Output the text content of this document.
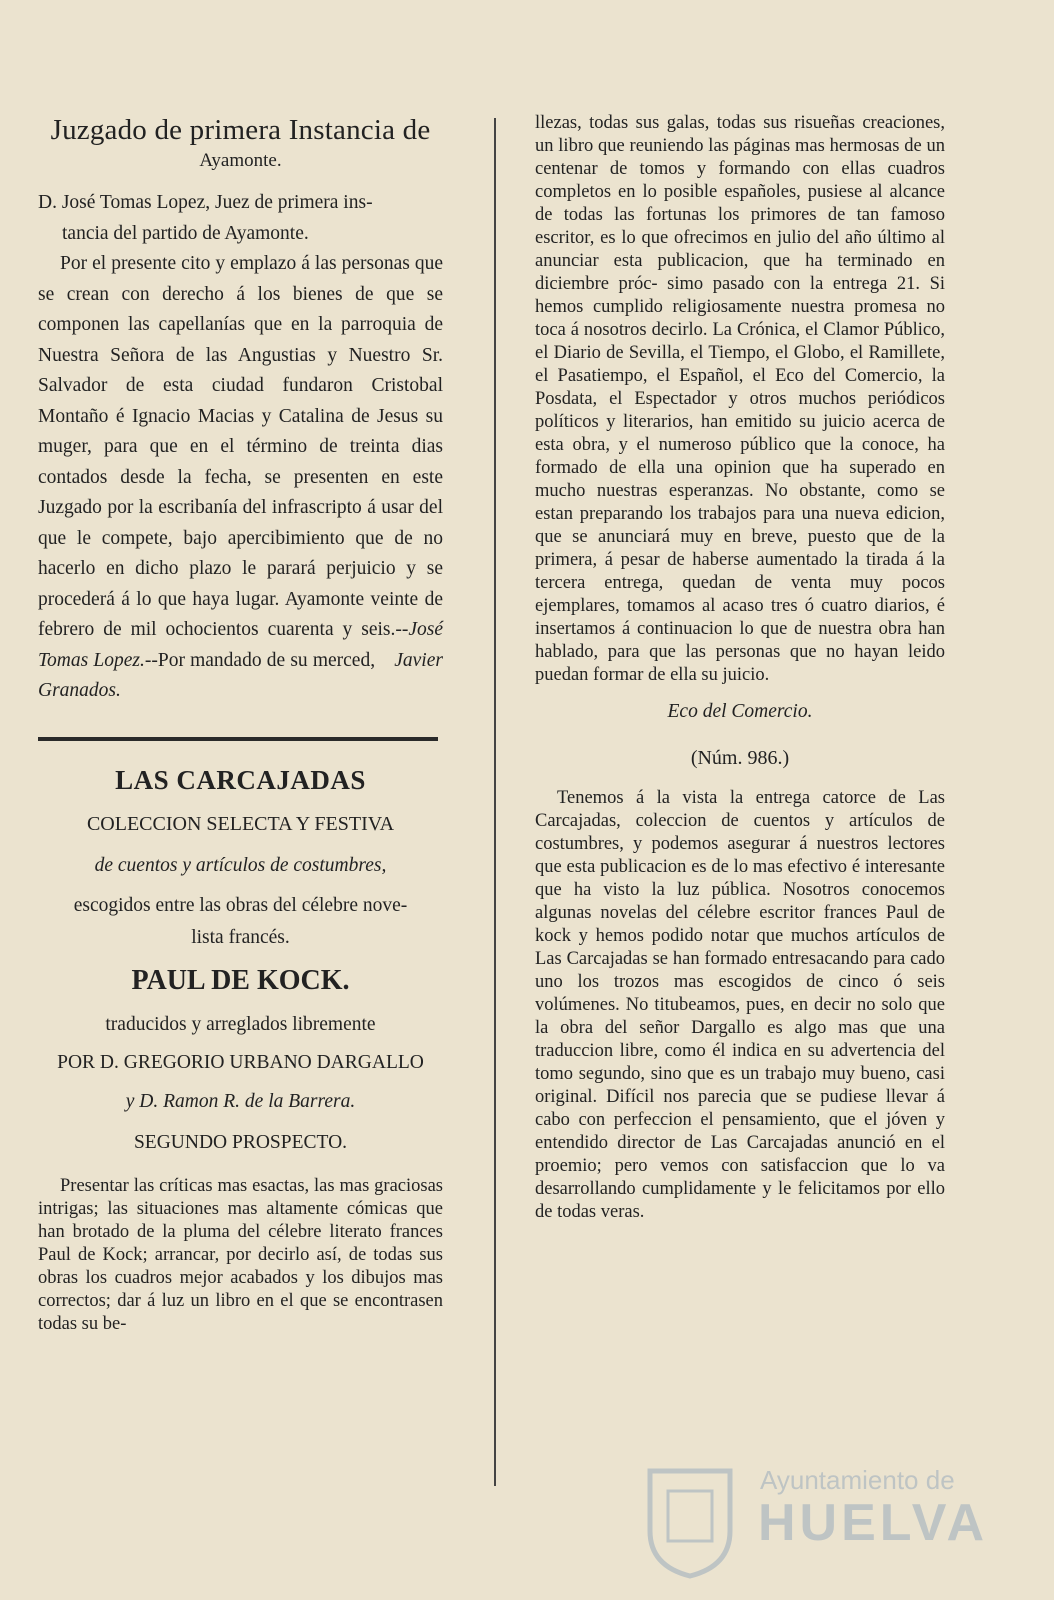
Juzgado de primera Instancia de

Ayamonte.

D. José Tomas Lopez, Juez de primera ins-

tancia del partido de Ayamonte.

Por el presente cito y emplazo á las personas que se crean con derecho á los bienes de que se componen las capellanías que en la parroquia de Nuestra Señora de las Angustias y Nuestro Sr. Salvador de esta ciudad fundaron Cristobal Montaño é Ignacio Macias y Catalina de Jesus su muger, para que en el término de treinta dias contados desde la fecha, se presenten en este Juzgado por la escribanía del infrascripto á usar del que le compete, bajo apercibimiento que de no hacerlo en dicho plazo le parará perjuicio y se procederá á lo que haya lugar. Ayamonte veinte de febrero de mil ochocientos cuarenta y seis.--José Tomas Lopez.--Por mandado de su merced, Javier Granados.

LAS CARCAJADAS

COLECCION SELECTA Y FESTIVA

de cuentos y artículos de costumbres,

escogidos entre las obras del célebre nove-

lista francés.

PAUL DE KOCK.

traducidos y arreglados libremente

POR D. GREGORIO URBANO DARGALLO

y D. Ramon R. de la Barrera.

SEGUNDO PROSPECTO.

Presentar las críticas mas esactas, las mas graciosas intrigas; las situaciones mas altamente cómicas que han brotado de la pluma del célebre literato frances Paul de Kock; arrancar, por decirlo así, de todas sus obras los cuadros mejor acabados y los dibujos mas correctos; dar á luz un libro en el que se encontrasen todas su be-

llezas, todas sus galas, todas sus risueñas creaciones, un libro que reuniendo las páginas mas hermosas de un centenar de tomos y formando con ellas cuadros completos en lo posible españoles, pusiese al alcance de todas las fortunas los primores de tan famoso escritor, es lo que ofrecimos en julio del año último al anunciar esta publicacion, que ha terminado en diciembre próc- simo pasado con la entrega 21. Si hemos cumplido religiosamente nuestra promesa no toca á nosotros decirlo. La Crónica, el Clamor Público, el Diario de Sevilla, el Tiempo, el Globo, el Ramillete, el Pasatiempo, el Español, el Eco del Comercio, la Posdata, el Espectador y otros muchos periódicos políticos y literarios, han emitido su juicio acerca de esta obra, y el numeroso público que la conoce, ha formado de ella una opinion que ha superado en mucho nuestras esperanzas. No obstante, como se estan preparando los trabajos para una nueva edicion, que se anunciará muy en breve, puesto que de la primera, á pesar de haberse aumentado la tirada á la tercera entrega, quedan de venta muy pocos ejemplares, tomamos al acaso tres ó cuatro diarios, é insertamos á continuacion lo que de nuestra obra han hablado, para que las personas que no hayan leido puedan formar de ella su juicio.

Eco del Comercio.

(Núm. 986.)

Tenemos á la vista la entrega catorce de Las Carcajadas, coleccion de cuentos y artículos de costumbres, y podemos asegurar á nuestros lectores que esta publicacion es de lo mas efectivo é interesante que ha visto la luz pública. Nosotros conocemos algunas novelas del célebre escritor frances Paul de kock y hemos podido notar que muchos artículos de Las Carcajadas se han formado entresacando para cado uno los trozos mas escogidos de cinco ó seis volúmenes. No titubeamos, pues, en decir no solo que la obra del señor Dargallo es algo mas que una traduccion libre, como él indica en su advertencia del tomo segundo, sino que es un trabajo muy bueno, casi original. Difícil nos parecia que se pudiese llevar á cabo con perfeccion el pensamiento, que el jóven y entendido director de Las Carcajadas anunció en el proemio; pero vemos con satisfaccion que lo va desarrollando cumplidamente y le felicitamos por ello de todas veras.

Ayuntamiento de
HUELVA
